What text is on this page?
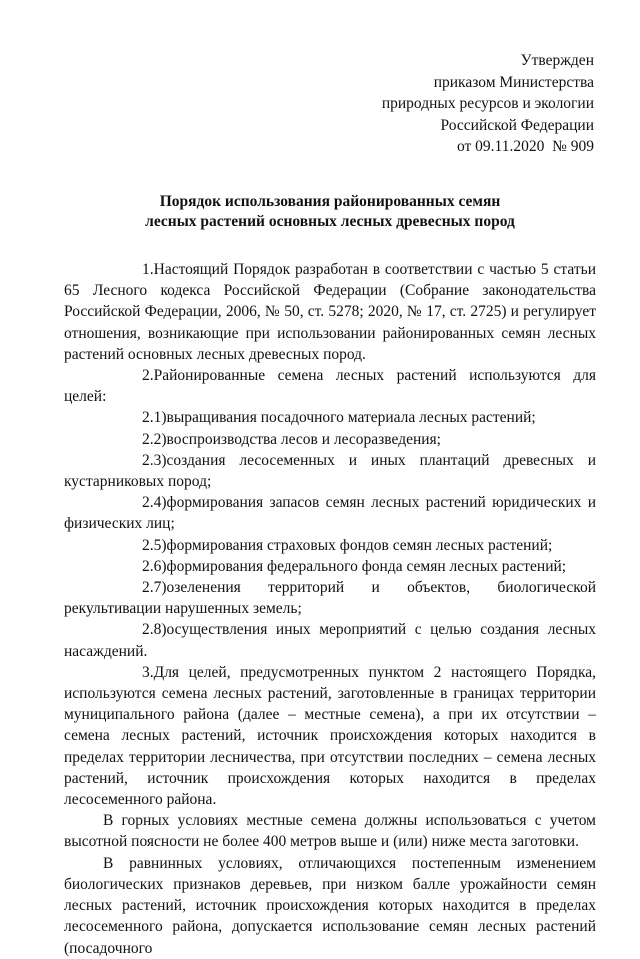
Утвержден
приказом Министерства
природных ресурсов и экологии
Российской Федерации
от 09.11.2020  № 909
Порядок использования районированных семян
лесных растений основных лесных древесных пород

1.Настоящий Порядок разработан в соответствии с частью 5 статьи 65 Лесного кодекса Российской Федерации (Собрание законодательства Российской Федерации, 2006, № 50, ст. 5278; 2020, № 17, ст. 2725) и регулирует отношения, возникающие при использовании районированных семян лесных растений основных лесных древесных пород.

2.Районированные семена лесных растений используются для целей:

2.1)выращивания посадочного материала лесных растений;

2.2)воспроизводства лесов и лесоразведения;

2.3)создания лесосеменных и иных плантаций древесных и кустарниковых пород;

2.4)формирования запасов семян лесных растений юридических и физических лиц;

2.5)формирования страховых фондов семян лесных растений;

2.6)формирования федерального фонда семян лесных растений;

2.7)озеленения территорий и объектов, биологической рекультивации нарушенных земель;

2.8)осуществления иных мероприятий с целью создания лесных насаждений.

3.Для целей, предусмотренных пунктом 2 настоящего Порядка, используются семена лесных растений, заготовленные в границах территории муниципального района (далее – местные семена), а при их отсутствии – семена лесных растений, источник происхождения которых находится в пределах территории лесничества, при отсутствии последних – семена лесных растений, источник происхождения которых находится в пределах лесосеменного района.

В горных условиях местные семена должны использоваться с учетом высотной поясности не более 400 метров выше и (или) ниже места заготовки.

В равнинных условиях, отличающихся постепенным изменением биологических признаков деревьев, при низком балле урожайности семян лесных растений, источник происхождения которых находится в пределах лесосеменного района, допускается использование семян лесных растений (посадочного
